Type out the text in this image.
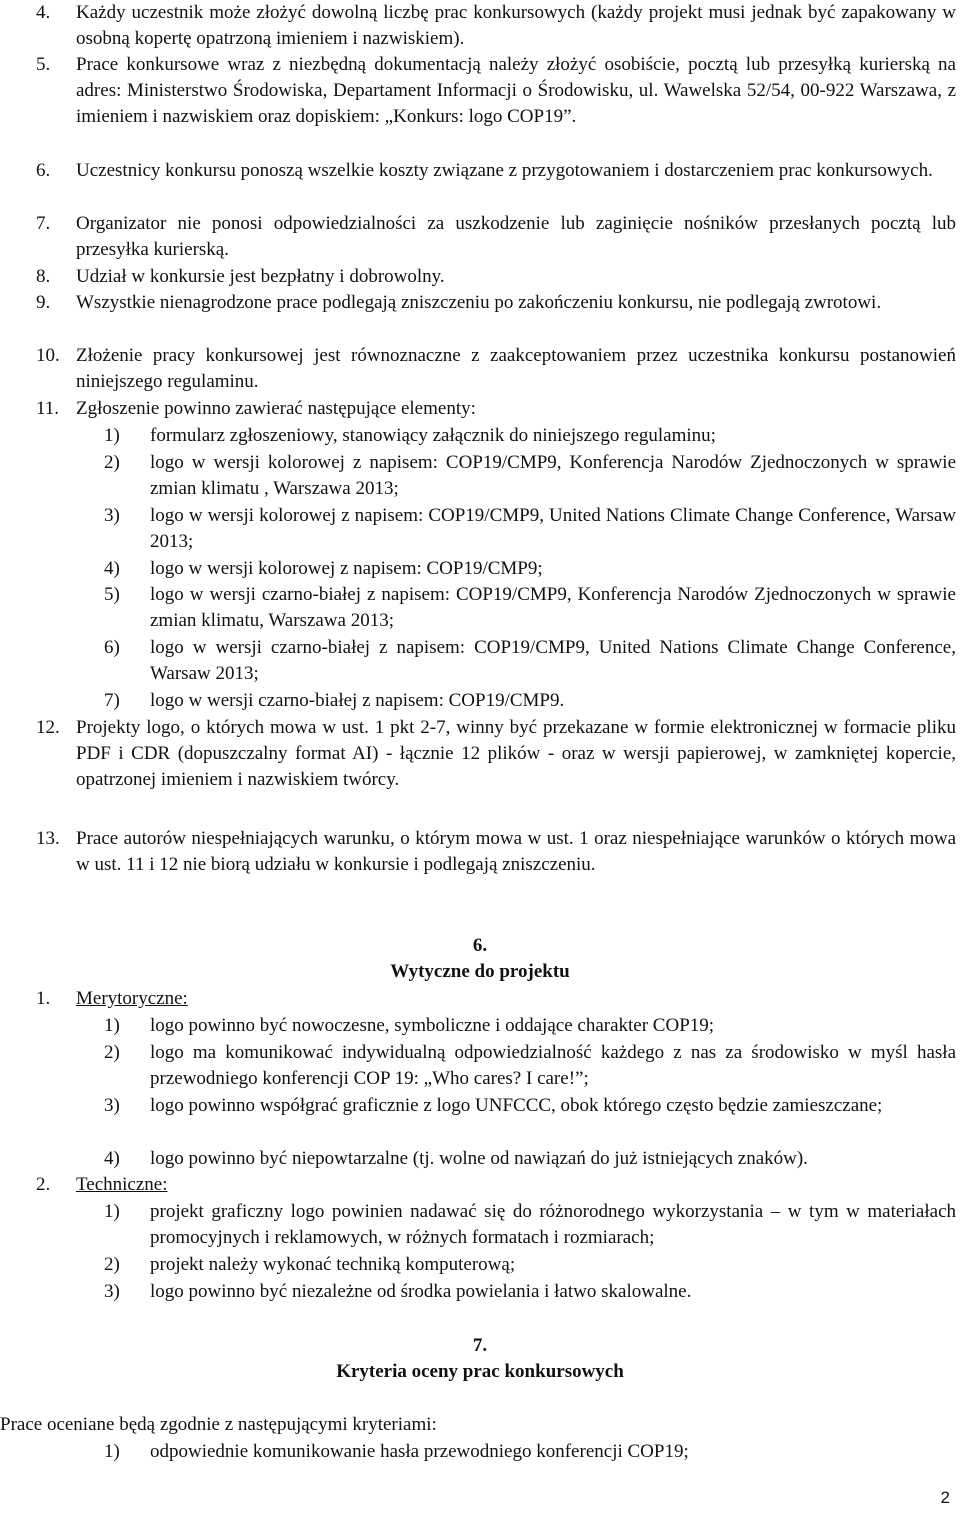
4. Każdy uczestnik może złożyć dowolną liczbę prac konkursowych (każdy projekt musi jednak być zapakowany w osobną kopertę opatrzoną imieniem i nazwiskiem).
5. Prace konkursowe wraz z niezbędną dokumentacją należy złożyć osobiście, pocztą lub przesyłką kurierską na adres: Ministerstwo Środowiska, Departament Informacji o Środowisku, ul. Wawelska 52/54, 00-922 Warszawa, z imieniem i nazwiskiem oraz dopiskiem: „Konkurs: logo COP19”.
6. Uczestnicy konkursu ponoszą wszelkie koszty związane z przygotowaniem i dostarczeniem prac konkursowych.
7. Organizator nie ponosi odpowiedzialności za uszkodzenie lub zaginięcie nośników przesłanych pocztą lub przesyłka kurierską.
8. Udział w konkursie jest bezpłatny i dobrowolny.
9. Wszystkie nienagrodzone prace podlegają zniszczeniu po zakończeniu konkursu, nie podlegają zwrotowi.
10. Złożenie pracy konkursowej jest równoznaczne z zaakceptowaniem przez uczestnika konkursu postanowień niniejszego regulaminu.
11. Zgłoszenie powinno zawierać następujące elementy:
1) formularz zgłoszeniowy, stanowiący załącznik do niniejszego regulaminu;
2) logo w wersji kolorowej z napisem: COP19/CMP9, Konferencja Narodów Zjednoczonych w sprawie zmian klimatu , Warszawa 2013;
3) logo w wersji kolorowej z napisem: COP19/CMP9, United Nations Climate Change Conference, Warsaw 2013;
4) logo w wersji kolorowej z napisem: COP19/CMP9;
5) logo w wersji czarno-białej z napisem: COP19/CMP9, Konferencja Narodów Zjednoczonych w sprawie zmian klimatu, Warszawa 2013;
6) logo w wersji czarno-białej z napisem: COP19/CMP9, United Nations Climate Change Conference, Warsaw 2013;
7) logo w wersji czarno-białej z napisem: COP19/CMP9.
12. Projekty logo, o których mowa w ust. 1 pkt 2-7, winny być przekazane w formie elektronicznej w formacie pliku PDF i CDR (dopuszczalny format AI) - łącznie 12 plików - oraz w wersji papierowej, w zamkniętej kopercie, opatrzonej imieniem i nazwiskiem twórcy.
13. Prace autorów niespełniających warunku, o którym mowa w ust. 1 oraz niespełniające warunków o których mowa w ust. 11 i 12 nie biorą udziału w konkursie i podlegają zniszczeniu.
6.
Wytyczne do projektu
1. Merytoryczne:
1) logo powinno być nowoczesne, symboliczne i oddające charakter COP19;
2) logo ma komunikować indywidualną odpowiedzialność każdego z nas za środowisko w myśl hasła przewodniego konferencji COP 19: „Who cares? I care!”;
3) logo powinno współgrać graficznie z logo UNFCCC, obok którego często będzie zamieszczane;
4) logo powinno być niepowtarzalne (tj. wolne od nawiązań do już istniejących znaków).
2. Techniczne:
1) projekt graficzny logo powinien nadawać się do różnorodnego wykorzystania – w tym w materiałach promocyjnych i reklamowych, w różnych formatach i rozmiarach;
2) projekt należy wykonać techniką komputerową;
3) logo powinno być niezależne od środka powielania i łatwo skalowalne.
7.
Kryteria oceny prac konkursowych
Prace oceniane będą zgodnie z następującymi kryteriami:
1) odpowiednie komunikowanie hasła przewodniego konferencji COP19;
2
